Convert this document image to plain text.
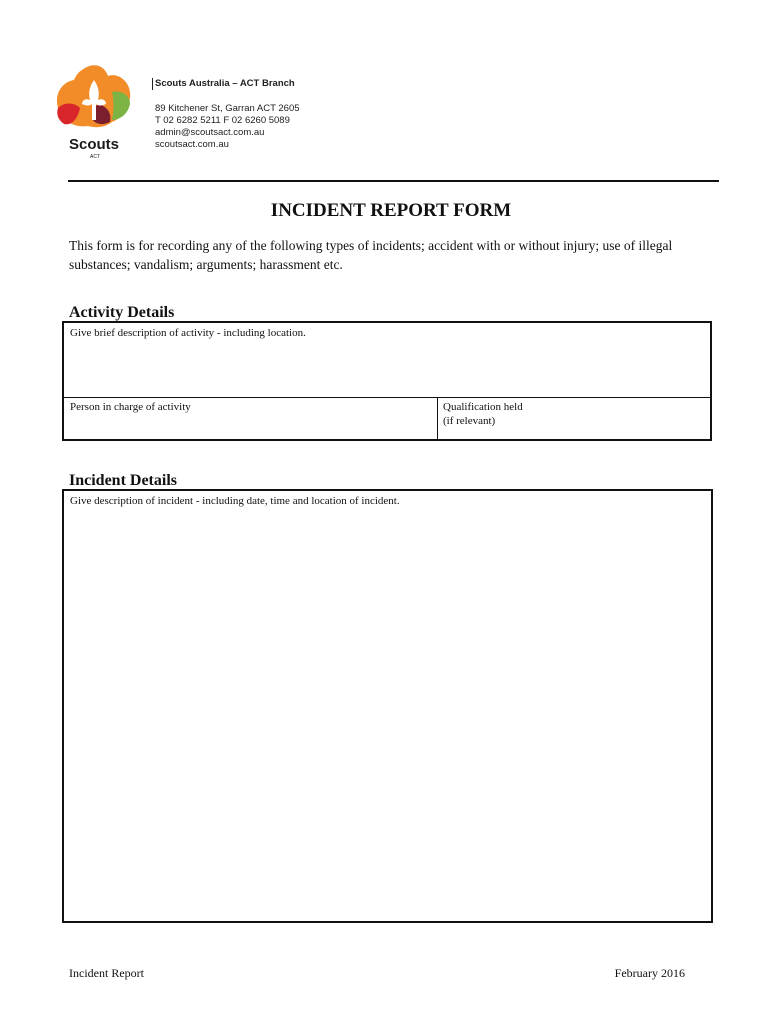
Scouts
ACT
Scouts Australia – ACT Branch
89 Kitchener St, Garran ACT 2605
T 02 6282 5211 F 02 6260 5089
admin@scoutsact.com.au
scoutsact.com.au
INCIDENT REPORT FORM
This form is for recording any of the following types of incidents; accident with or without injury; use of illegal substances; vandalism; arguments; harassment etc.
Activity Details
Give brief description of activity - including location.
Person in charge of activity	Qualification held
(if relevant)
Incident Details
Give description of incident - including date, time and location of incident.
Incident Report	February 2016
